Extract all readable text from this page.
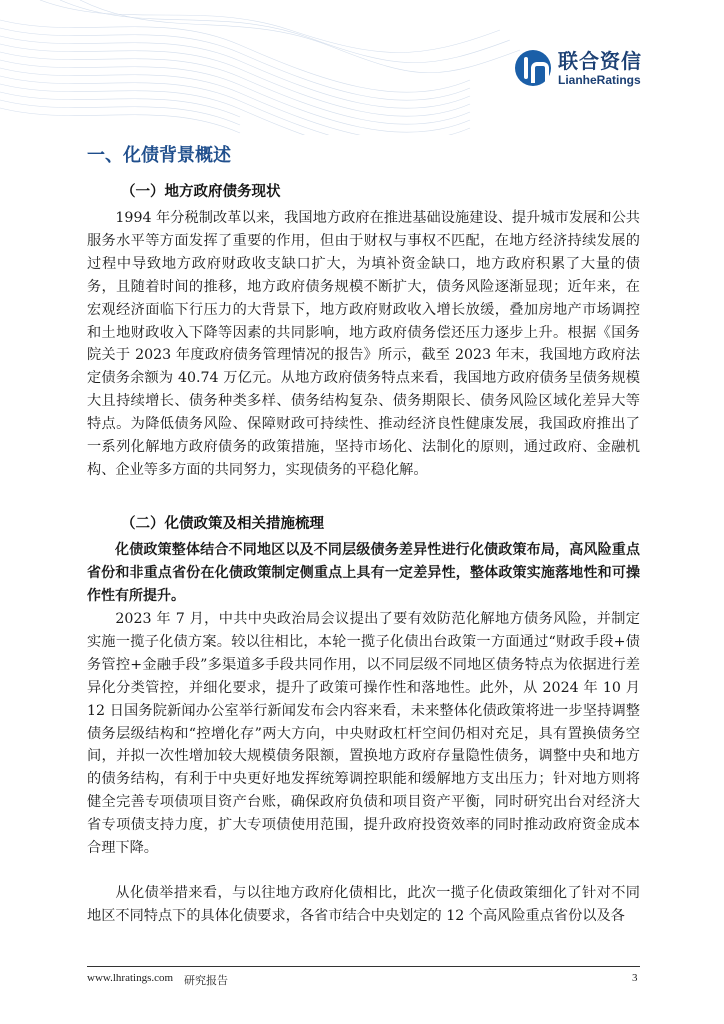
联合资信
LianheRatings
一、化债背景概述
（一）地方政府债务现状

1994 年分税制改革以来，我国地方政府在推进基础设施建设、提升城市发展和公共服务水平等方面发挥了重要的作用，但由于财权与事权不匹配，在地方经济持续发展的过程中导致地方政府财政收支缺口扩大，为填补资金缺口，地方政府积累了大量的债务，且随着时间的推移，地方政府债务规模不断扩大，债务风险逐渐显现；近年来，在宏观经济面临下行压力的大背景下，地方政府财政收入增长放缓，叠加房地产市场调控和土地财政收入下降等因素的共同影响，地方政府债务偿还压力逐步上升。根据《国务院关于 2023 年度政府债务管理情况的报告》所示，截至 2023 年末，我国地方政府法定债务余额为 40.74 万亿元。从地方政府债务特点来看，我国地方政府债务呈债务规模大且持续增长、债务种类多样、债务结构复杂、债务期限长、债务风险区域化差异大等特点。为降低债务风险、保障财政可持续性、推动经济良性健康发展，我国政府推出了一系列化解地方政府债务的政策措施，坚持市场化、法制化的原则，通过政府、金融机构、企业等多方面的共同努力，实现债务的平稳化解。

（二）化债政策及相关措施梳理

化债政策整体结合不同地区以及不同层级债务差异性进行化债政策布局，高风险重点省份和非重点省份在化债政策制定侧重点上具有一定差异性，整体政策实施落地性和可操作性有所提升。

2023 年 7 月，中共中央政治局会议提出了要有效防范化解地方债务风险，并制定实施一揽子化债方案。较以往相比，本轮一揽子化债出台政策一方面通过“财政手段+债务管控+金融手段”多渠道多手段共同作用，以不同层级不同地区债务特点为依据进行差异化分类管控，并细化要求，提升了政策可操作性和落地性。此外，从 2024 年 10 月 12 日国务院新闻办公室举行新闻发布会内容来看，未来整体化债政策将进一步坚持调整债务层级结构和“控增化存”两大方向，中央财政杠杆空间仍相对充足，具有置换债务空间，并拟一次性增加较大规模债务限额，置换地方政府存量隐性债务，调整中央和地方的债务结构，有利于中央更好地发挥统筹调控职能和缓解地方支出压力；针对地方则将健全完善专项债项目资产台账，确保政府负债和项目资产平衡，同时研究出台对经济大省专项债支持力度，扩大专项债使用范围，提升政府投资效率的同时推动政府资金成本合理下降。

从化债举措来看，与以往地方政府化债相比，此次一揽子化债政策细化了针对不同地区不同特点下的具体化债要求，各省市结合中央划定的 12 个高风险重点省份以及各

www.lhratings.com 研究报告	3
